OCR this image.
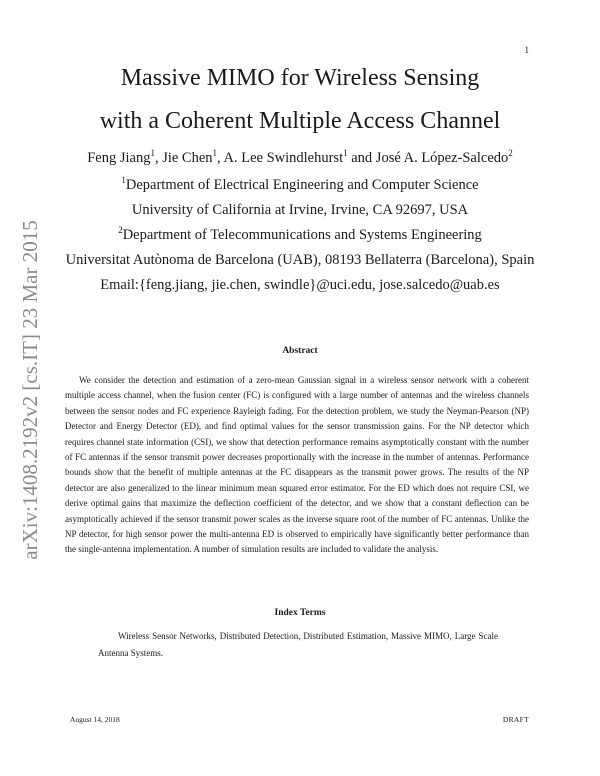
1
Massive MIMO for Wireless Sensing
with a Coherent Multiple Access Channel
Feng Jiang$^1$, Jie Chen$^1$, A. Lee Swindlehurst$^1$ and José A. López-Salcedo$^2$
$^1$Department of Electrical Engineering and Computer Science
University of California at Irvine, Irvine, CA 92697, USA
$^2$Department of Telecommunications and Systems Engineering
Universitat Autònoma de Barcelona (UAB), 08193 Bellaterra (Barcelona), Spain
Email:{feng.jiang, jie.chen, swindle}@uci.edu, jose.salcedo@uab.es
arXiv:1408.2192v2 [cs.IT] 23 Mar 2015	Abstract
We consider the detection and estimation of a zero-mean Gaussian signal in a wireless sensor network with a coherent multiple access channel, when the fusion center (FC) is configured with a large number of antennas and the wireless channels between the sensor nodes and FC experience Rayleigh fading. For the detection problem, we study the Neyman-Pearson (NP) Detector and Energy Detector (ED), and find optimal values for the sensor transmission gains. For the NP detector which requires channel state information (CSI), we show that detection performance remains asymptotically constant with the number of FC antennas if the sensor transmit power decreases proportionally with the increase in the number of antennas. Performance bounds show that the benefit of multiple antennas at the FC disappears as the transmit power grows. The results of the NP detector are also generalized to the linear minimum mean squared error estimator. For the ED which does not require CSI, we derive optimal gains that maximize the deflection coefficient of the detector, and we show that a constant deflection can be asymptotically achieved if the sensor transmit power scales as the inverse square root of the number of FC antennas. Unlike the NP detector, for high sensor power the multi-antenna ED is observed to empirically have significantly better performance than the single-antenna implementation. A number of simulation results are included to validate the analysis.
Index Terms
Wireless Sensor Networks, Distributed Detection, Distributed Estimation, Massive MIMO, Large Scale Antenna Systems.
August 14, 2018	DRAFT
